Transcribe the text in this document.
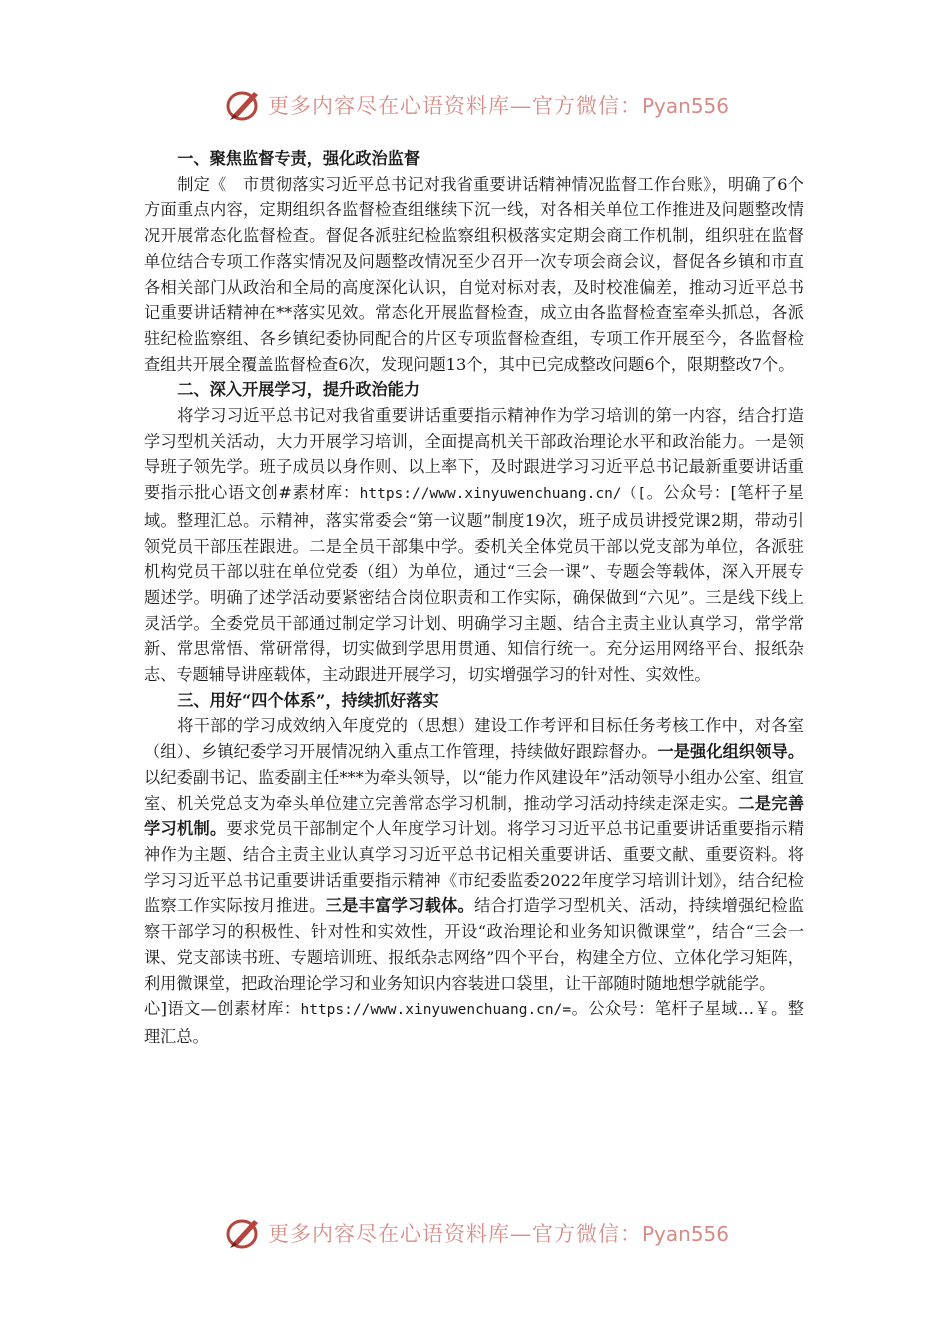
更多内容尽在心语资料库—官方微信：Pyan556

一、聚焦监督专责，强化政治监督

制定《　市贯彻落实习近平总书记对我省重要讲话精神情况监督工作台账》，明确了6个方面重点内容，定期组织各监督检查组继续下沉一线，对各相关单位工作推进及问题整改情况开展常态化监督检查。督促各派驻纪检监察组积极落实定期会商工作机制，组织驻在监督单位结合专项工作落实情况及问题整改情况至少召开一次专项会商会议，督促各乡镇和市直各相关部门从政治和全局的高度深化认识，自觉对标对表，及时校准偏差，推动习近平总书记重要讲话精神在**落实见效。常态化开展监督检查，成立由各监督检查室牵头抓总，各派驻纪检监察组、各乡镇纪委协同配合的片区专项监督检查组，专项工作开展至今，各监督检查组共开展全覆盖监督检查6次，发现问题13个，其中已完成整改问题6个，限期整改7个。

二、深入开展学习，提升政治能力

将学习习近平总书记对我省重要讲话重要指示精神作为学习培训的第一内容，结合打造学习型机关活动，大力开展学习培训，全面提高机关干部政治理论水平和政治能力。一是领导班子领先学。班子成员以身作则、以上率下，及时跟进学习习近平总书记最新重要讲话重要指示批心语文创#素材库：https://www.xinyuwenchuang.cn/（[。公众号：[笔杆子星域。整理汇总。示精神，落实常委会“第一议题”制度19次，班子成员讲授党课2期，带动引领党员干部压茬跟进。二是全员干部集中学。委机关全体党员干部以党支部为单位，各派驻机构党员干部以驻在单位党委（组）为单位，通过“三会一课”、专题会等载体，深入开展专题述学。明确了述学活动要紧密结合岗位职责和工作实际，确保做到“六见”。三是线下线上灵活学。全委党员干部通过制定学习计划、明确学习主题、结合主责主业认真学习，常学常新、常思常悟、常研常得，切实做到学思用贯通、知信行统一。充分运用网络平台、报纸杂志、专题辅导讲座载体，主动跟进开展学习，切实增强学习的针对性、实效性。

三、用好“四个体系”，持续抓好落实

将干部的学习成效纳入年度党的（思想）建设工作考评和目标任务考核工作中，对各室（组）、乡镇纪委学习开展情况纳入重点工作管理，持续做好跟踪督办。一是强化组织领导。以纪委副书记、监委副主任***为牵头领导，以“能力作风建设年”活动领导小组办公室、组宣室、机关党总支为牵头单位建立完善常态学习机制，推动学习活动持续走深走实。二是完善学习机制。要求党员干部制定个人年度学习计划。将学习习近平总书记重要讲话重要指示精神作为主题、结合主责主业认真学习习近平总书记相关重要讲话、重要文献、重要资料。将学习习近平总书记重要讲话重要指示精神《市纪委监委2022年度学习培训计划》，结合纪检监察工作实际按月推进。三是丰富学习载体。结合打造学习型机关、活动，持续增强纪检监察干部学习的积极性、针对性和实效性，开设“政治理论和业务知识微课堂”，结合“三会一课、党支部读书班、专题培训班、报纸杂志网络”四个平台，构建全方位、立体化学习矩阵，利用微课堂，把政治理论学习和业务知识内容装进口袋里，让干部随时随地想学就能学。

心]语文—创素材库：https://www.xinyuwenchuang.cn/=。公众号：笔杆子星域…￥。整理汇总。

更多内容尽在心语资料库—官方微信：Pyan556
